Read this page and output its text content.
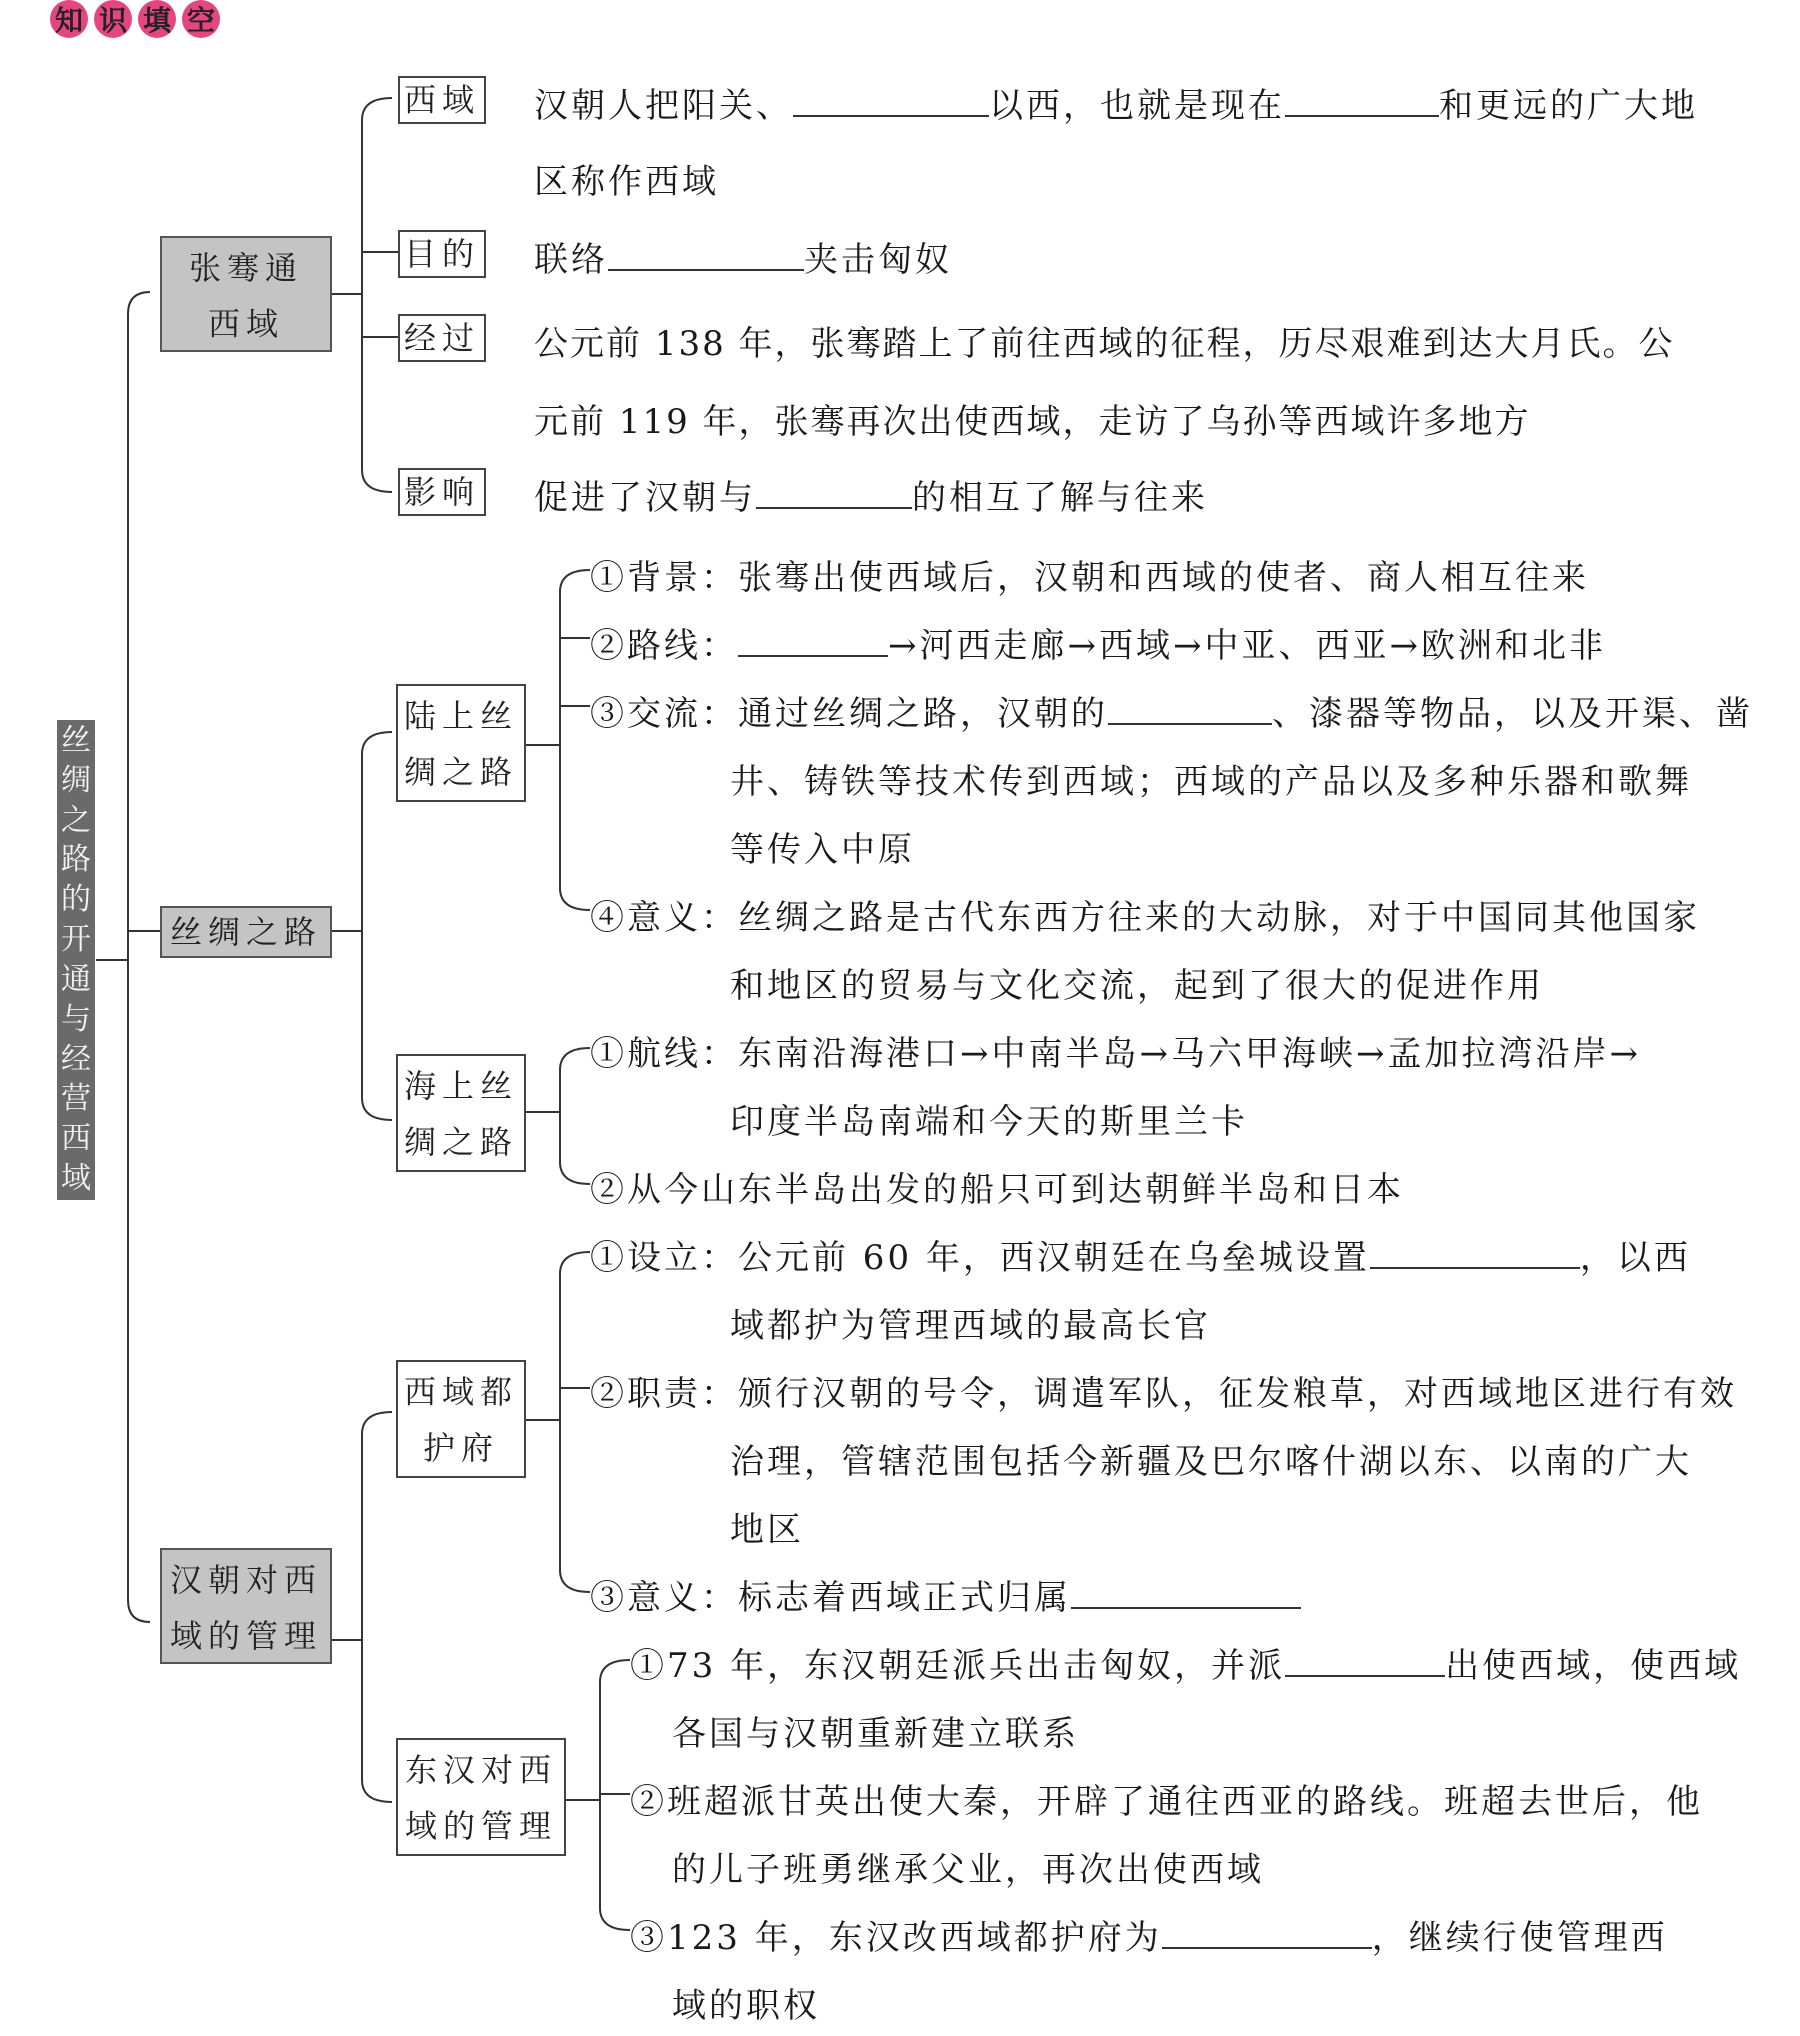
知 识 填 空
丝
绸
之
路
的
开
通
与
经
营
西
域
张骞通
西域
丝绸之路
汉朝对西
域的管理
西域
目的
经过
影响
汉朝人把阳关、	以西，也就是现在	和更远的广大地
区称作西域
联络	夹击匈奴
公元前 138 年，张骞踏上了前往西域的征程，历尽艰难到达大月氏。公
元前 119 年，张骞再次出使西域，走访了乌孙等西域许多地方
促进了汉朝与	的相互了解与往来
陆上丝
绸之路
①背景：张骞出使西域后，汉朝和西域的使者、商人相互往来
②路线：	→河西走廊→西域→中亚、西亚→欧洲和北非
③交流：通过丝绸之路，汉朝的	、漆器等物品，以及开渠、凿
井、铸铁等技术传到西域；西域的产品以及多种乐器和歌舞
等传入中原
④意义：丝绸之路是古代东西方往来的大动脉，对于中国同其他国家
和地区的贸易与文化交流，起到了很大的促进作用
海上丝
绸之路
①航线：东南沿海港口→中南半岛→马六甲海峡→孟加拉湾沿岸→
印度半岛南端和今天的斯里兰卡
②从今山东半岛出发的船只可到达朝鲜半岛和日本
西域都
护府
①设立：公元前 60 年，西汉朝廷在乌垒城设置	，以西
域都护为管理西域的最高长官
②职责：颁行汉朝的号令，调遣军队，征发粮草，对西域地区进行有效
治理，管辖范围包括今新疆及巴尔喀什湖以东、以南的广大
地区
③意义：标志着西域正式归属
东汉对西
域的管理
①73 年，东汉朝廷派兵出击匈奴，并派	出使西域，使西域
各国与汉朝重新建立联系
②班超派甘英出使大秦，开辟了通往西亚的路线。班超去世后，他
的儿子班勇继承父业，再次出使西域
③123 年，东汉改西域都护府为	，继续行使管理西
域的职权
